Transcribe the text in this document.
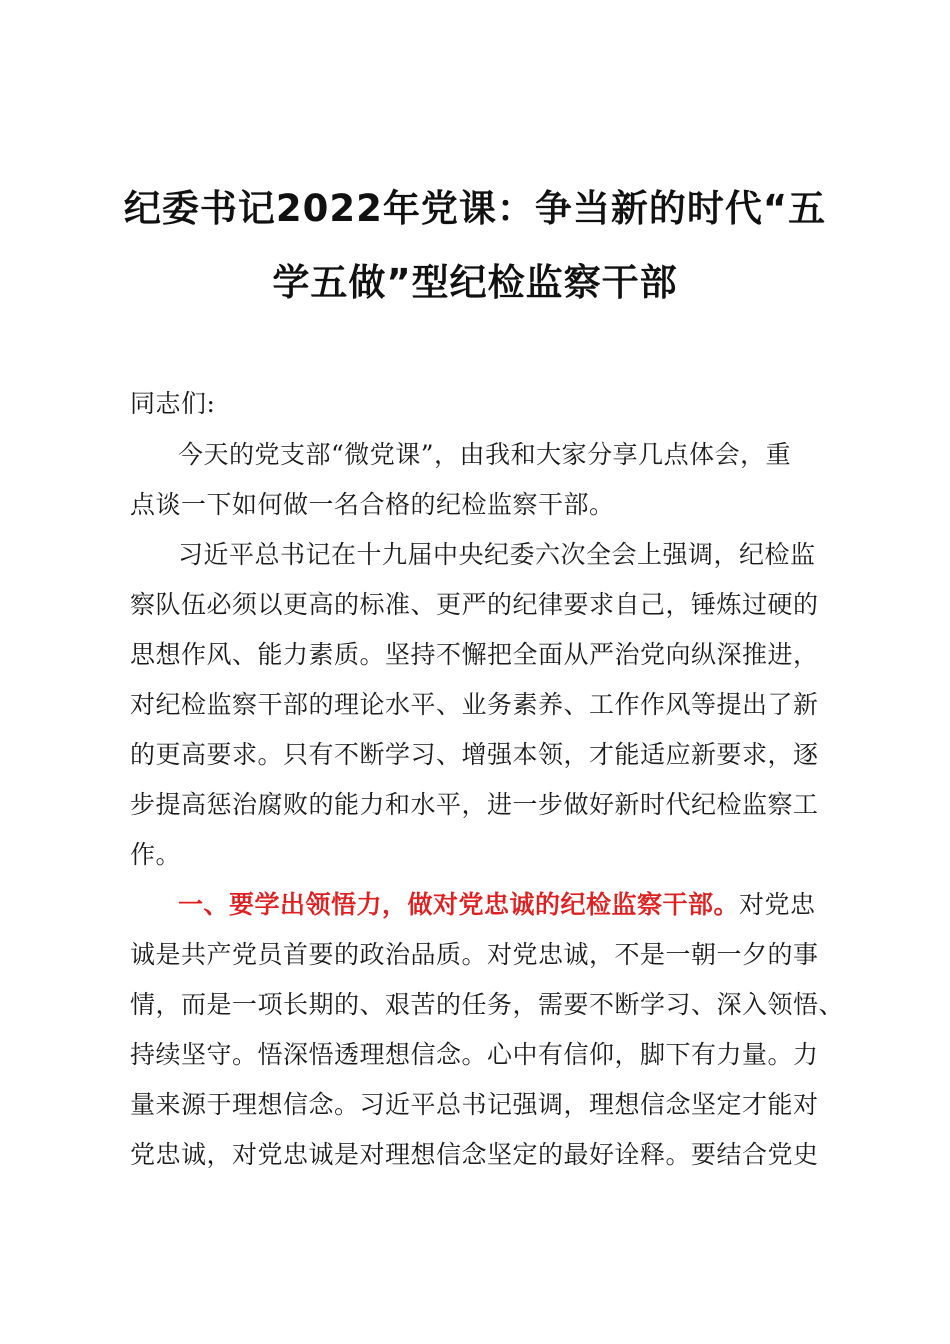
纪委书记2022年党课：争当新的时代“五
学五做”型纪检监察干部
同志们:
今天的党支部“微党课”，由我和大家分享几点体会，重
点谈一下如何做一名合格的纪检监察干部。
习近平总书记在十九届中央纪委六次全会上强调，纪检监
察队伍必须以更高的标准、更严的纪律要求自己，锤炼过硬的
思想作风、能力素质。坚持不懈把全面从严治党向纵深推进，
对纪检监察干部的理论水平、业务素养、工作作风等提出了新
的更高要求。只有不断学习、增强本领，才能适应新要求，逐
步提高惩治腐败的能力和水平，进一步做好新时代纪检监察工
作。
一、要学出领悟力，做对党忠诚的纪检监察干部。对党忠
诚是共产党员首要的政治品质。对党忠诚，不是一朝一夕的事
情，而是一项长期的、艰苦的任务，需要不断学习、深入领悟、
持续坚守。悟深悟透理想信念。心中有信仰，脚下有力量。力
量来源于理想信念。习近平总书记强调，理想信念坚定才能对
党忠诚，对党忠诚是对理想信念坚定的最好诠释。要结合党史
